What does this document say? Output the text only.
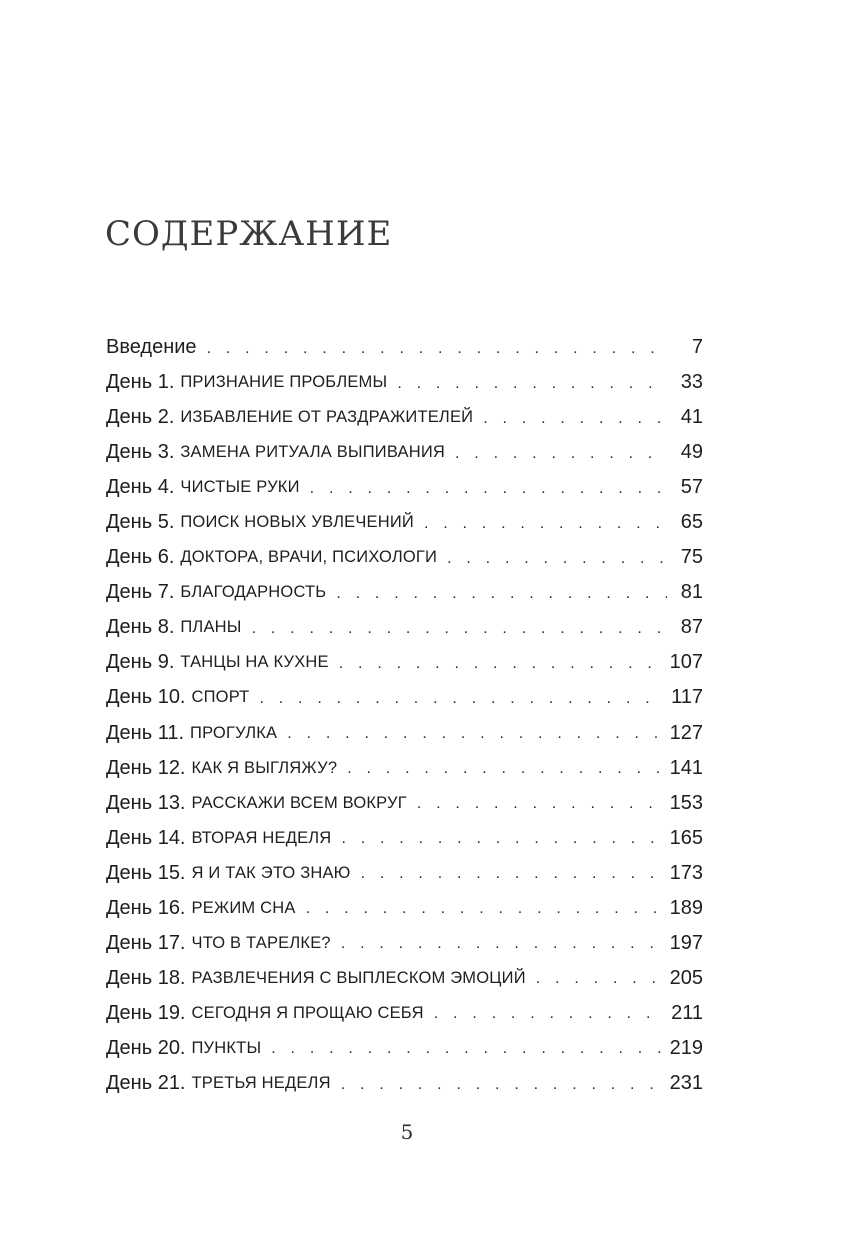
СОДЕРЖАНИЕ
Введение . . .	7
День 1. ПРИЗНАНИЕ ПРОБЛЕМЫ . . .	33
День 2. ИЗБАВЛЕНИЕ ОТ РАЗДРАЖИТЕЛЕЙ . . .	41
День 3. ЗАМЕНА РИТУАЛА ВЫПИВАНИЯ . . .	49
День 4. ЧИСТЫЕ РУКИ . . .	57
День 5. ПОИСК НОВЫХ УВЛЕЧЕНИЙ . . .	65
День 6. ДОКТОРА, ВРАЧИ, ПСИХОЛОГИ . . .	75
День 7. БЛАГОДАРНОСТЬ . . .	81
День 8. ПЛАНЫ . . .	87
День 9. ТАНЦЫ НА КУХНЕ . . .	107
День 10. СПОРТ . . .	117
День 11. ПРОГУЛКА . . .	127
День 12. КАК Я ВЫГЛЯЖУ? . . .	141
День 13. РАССКАЖИ ВСЕМ ВОКРУГ . . .	153
День 14. ВТОРАЯ НЕДЕЛЯ . . .	165
День 15. Я И ТАК ЭТО ЗНАЮ . . .	173
День 16. РЕЖИМ СНА . . .	189
День 17. ЧТО В ТАРЕЛКЕ? . . .	197
День 18. РАЗВЛЕЧЕНИЯ С ВЫПЛЕСКОМ ЭМОЦИЙ . . .	205
День 19. СЕГОДНЯ Я ПРОЩАЮ СЕБЯ . . .	211
День 20. ПУНКТЫ . . .	219
День 21. ТРЕТЬЯ НЕДЕЛЯ . . .	231
5
